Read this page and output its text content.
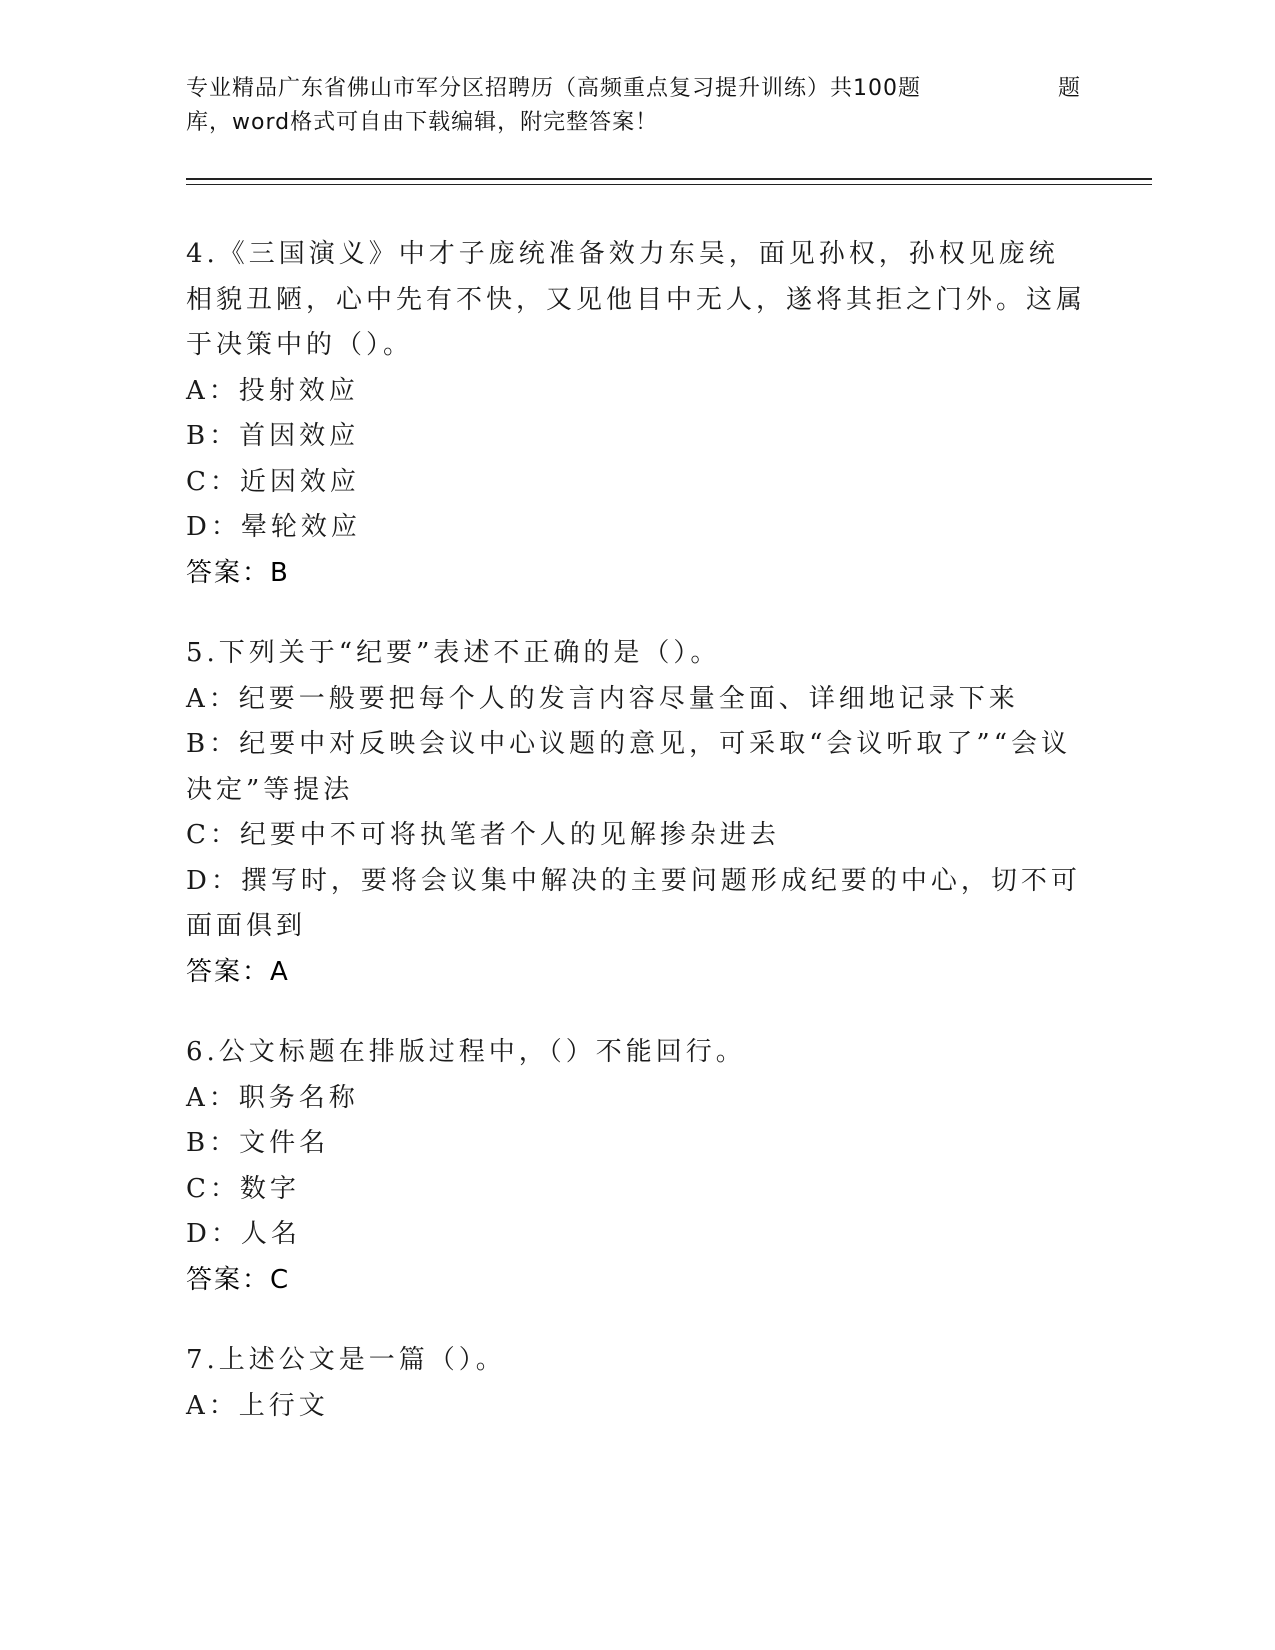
专业精品广东省佛山市军分区招聘历（高频重点复习提升训练）共100题	题
库，word格式可自由下载编辑，附完整答案！

4.《三国演义》中才子庞统准备效力东吴，面见孙权，孙权见庞统相貌丑陋，心中先有不快，又见他目中无人，遂将其拒之门外。这属于决策中的（）。

A：投射效应

B：首因效应

C：近因效应

D：晕轮效应

答案：B

5.下列关于“纪要”表述不正确的是（）。

A：纪要一般要把每个人的发言内容尽量全面、详细地记录下来

B：纪要中对反映会议中心议题的意见，可采取“会议听取了”“会议决定”等提法

C：纪要中不可将执笔者个人的见解掺杂进去

D：撰写时，要将会议集中解决的主要问题形成纪要的中心，切不可面面俱到

答案：A

6.公文标题在排版过程中，（）不能回行。

A：职务名称

B：文件名

C：数字

D：人名

答案：C

7.上述公文是一篇（）。

A：上行文
